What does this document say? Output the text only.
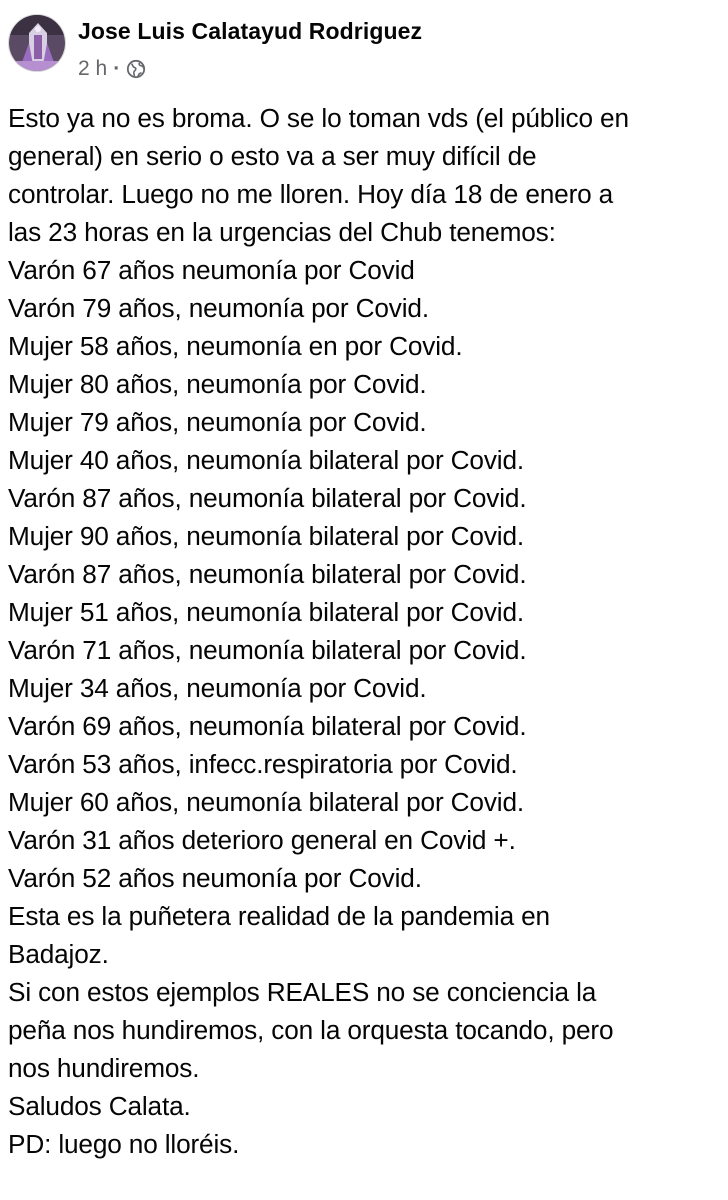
Jose Luis Calatayud Rodriguez
2 h ·
Esto ya no es broma. O se lo toman vds (el público en
general) en serio o esto va a ser muy difícil de
controlar. Luego no me lloren. Hoy día 18 de enero a
las 23 horas en la urgencias del Chub tenemos:
Varón 67 años neumonía por Covid
Varón 79 años, neumonía por Covid.
Mujer 58 años, neumonía en por Covid.
Mujer 80 años, neumonía por Covid.
Mujer 79 años, neumonía por Covid.
Mujer 40 años, neumonía bilateral por Covid.
Varón 87 años, neumonía bilateral por Covid.
Mujer 90 años, neumonía bilateral por Covid.
Varón 87 años, neumonía bilateral por Covid.
Mujer 51 años, neumonía bilateral por Covid.
Varón 71 años, neumonía bilateral por Covid.
Mujer 34 años, neumonía por Covid.
Varón 69 años, neumonía bilateral por Covid.
Varón 53 años, infecc.respiratoria por Covid.
Mujer 60 años, neumonía bilateral por Covid.
Varón 31 años deterioro general en Covid +.
Varón 52 años neumonía por Covid.
Esta es la puñetera realidad de la pandemia en
Badajoz.
Si con estos ejemplos REALES no se conciencia la
peña nos hundiremos, con la orquesta tocando, pero
nos hundiremos.
Saludos Calata.
PD: luego no lloréis.
